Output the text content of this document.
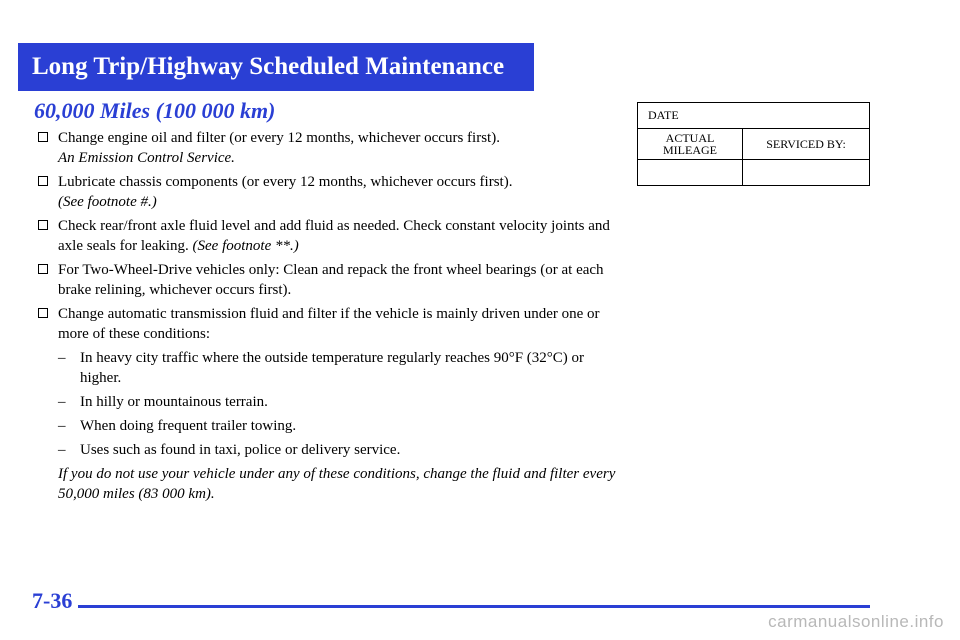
Long Trip/Highway Scheduled Maintenance
60,000 Miles (100 000 km)
Change engine oil and filter (or every 12 months, whichever occurs first).
An Emission Control Service.
Lubricate chassis components (or every 12 months, whichever occurs first).
(See footnote #.)
Check rear/front axle fluid level and add fluid as needed. Check constant velocity joints and axle seals for leaking. (See footnote **.)
For Two-Wheel-Drive vehicles only: Clean and repack the front wheel bearings (or at each brake relining, whichever occurs first).
Change automatic transmission fluid and filter if the vehicle is mainly driven under one or more of these conditions:
– In heavy city traffic where the outside temperature regularly reaches 90°F (32°C) or higher.
– In hilly or mountainous terrain.
– When doing frequent trailer towing.
– Uses such as found in taxi, police or delivery service.
If you do not use your vehicle under any of these conditions, change the fluid and filter every 50,000 miles (83 000 km).
DATE	
ACTUAL MILEAGE	SERVICED BY:

7-36
carmanualsonline.info
